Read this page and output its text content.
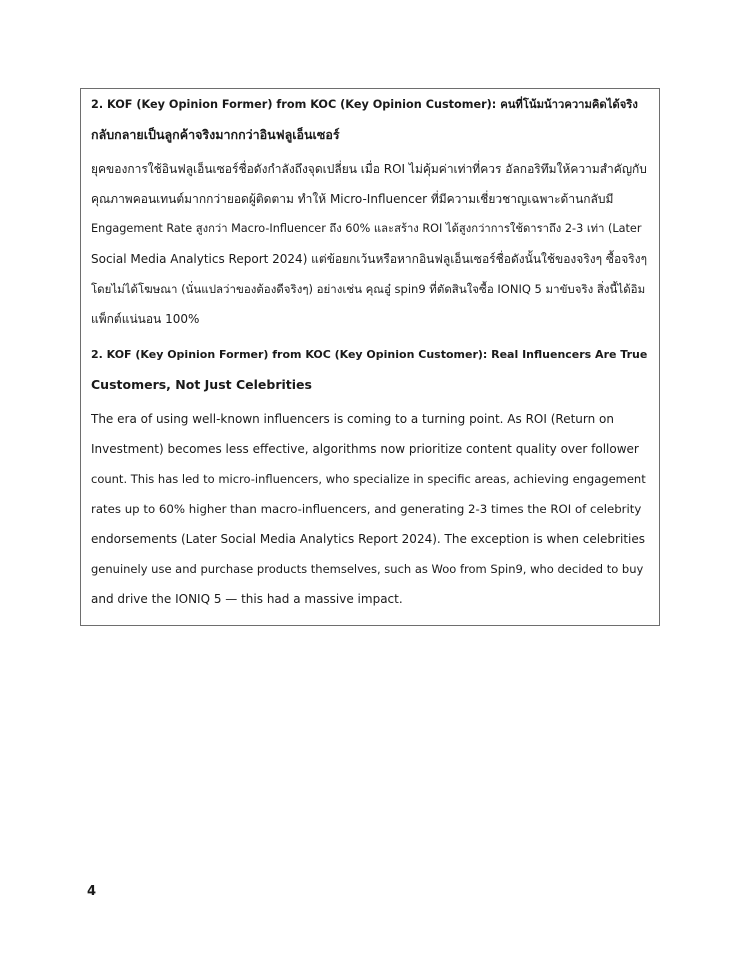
2. KOF (Key Opinion Former) from KOC (Key Opinion Customer): คนที่โน้มน้าวความคิดได้จริง

กลับกลายเป็นลูกค้าจริงมากกว่าอินฟลูเอ็นเซอร์

ยุคของการใช้อินฟลูเอ็นเซอร์ชื่อดังกำลังถึงจุดเปลี่ยน เมื่อ ROI ไม่คุ้มค่าเท่าที่ควร อัลกอริทึมให้ความสำคัญกับ

คุณภาพคอนเทนต์มากกว่ายอดผู้ติดตาม ทำให้ Micro-Influencer ที่มีความเชี่ยวชาญเฉพาะด้านกลับมี

Engagement Rate สูงกว่า Macro-Influencer ถึง 60% และสร้าง ROI ได้สูงกว่าการใช้ดาราถึง 2-3 เท่า (Later

Social Media Analytics Report 2024) แต่ข้อยกเว้นหรือหากอินฟลูเอ็นเซอร์ชื่อดังนั้นใช้ของจริงๆ ซื้อจริงๆ

โดยไม่ได้โฆษณา (นั่นแปลว่าของต้องดีจริงๆ) อย่างเช่น คุณอู๋ spin9 ที่ตัดสินใจซื้อ IONIQ 5 มาขับจริง สิ่งนี้ได้อิม

แพ็กต์แน่นอน 100%

2. KOF (Key Opinion Former) from KOC (Key Opinion Customer): Real Influencers Are True

Customers, Not Just Celebrities

The era of using well-known influencers is coming to a turning point. As ROI (Return on

Investment) becomes less effective, algorithms now prioritize content quality over follower

count. This has led to micro-influencers, who specialize in specific areas, achieving engagement

rates up to 60% higher than macro-influencers, and generating 2-3 times the ROI of celebrity

endorsements (Later Social Media Analytics Report 2024). The exception is when celebrities

genuinely use and purchase products themselves, such as Woo from Spin9, who decided to buy

and drive the IONIQ 5 — this had a massive impact.

4
